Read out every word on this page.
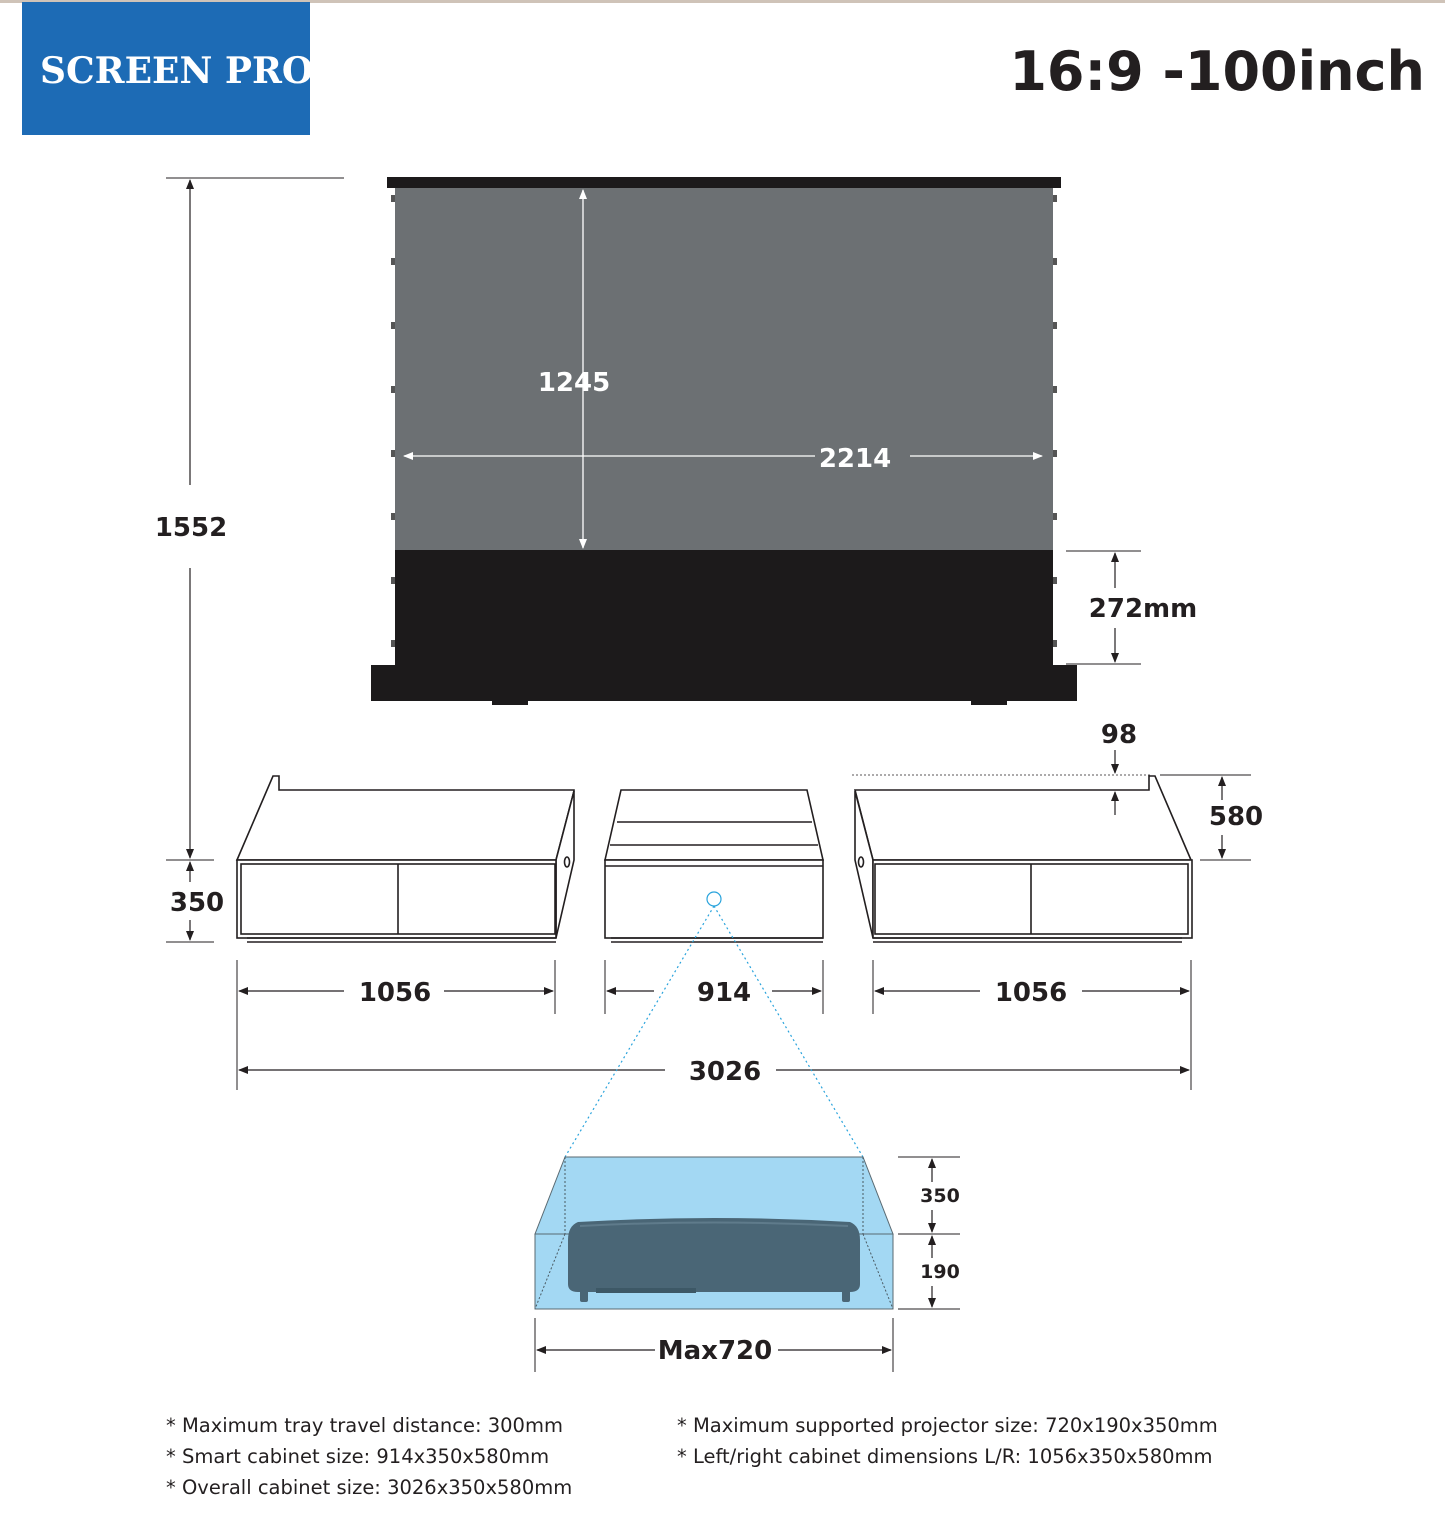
SCREEN PRO®	16:9 -100inch
1245
2214
1552
272mm
98
580
350
1056	914	1056
3026
350
190
Max720
* Maximum tray travel distance: 300mm
* Smart cabinet size: 914x350x580mm
* Overall cabinet size: 3026x350x580mm
* Maximum supported projector size: 720x190x350mm
* Left/right cabinet dimensions L/R: 1056x350x580mm
